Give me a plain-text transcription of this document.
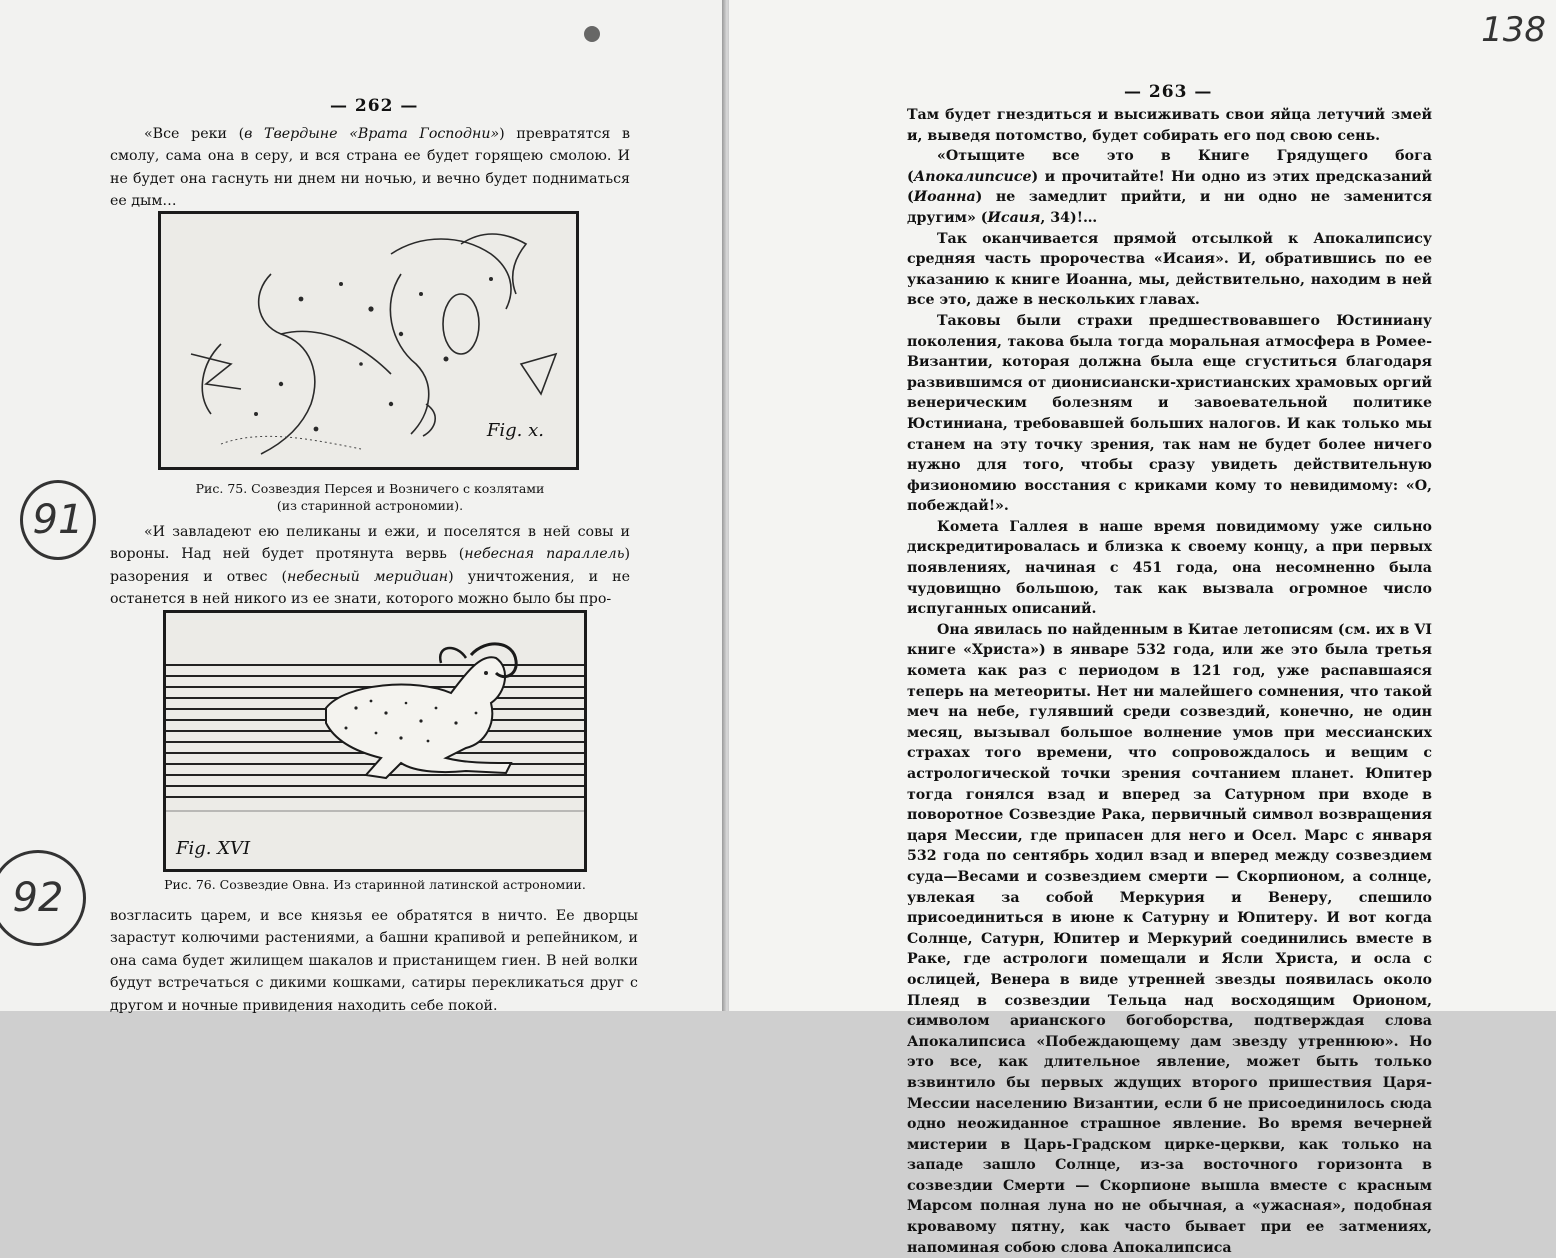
— 262 —

«Все реки (в Твердыне «Врата Господни») превратятся в смолу, сама она в серу, и вся страна ее будет горящею смолою. И не будет она гаснуть ни днем ни ночью, и вечно будет подниматься ее дым…

Fig. x.
Рис. 75. Созвездия Персея и Возничего с козлятами
(из старинной астрономии).

«И завладеют ею пеликаны и ежи, и поселятся в ней совы и вороны. Над ней будет протянута вервь (небесная параллель) разорения и отвес (небесный меридиан) уничтожения, и не останется в ней никого из ее знати, которого можно было бы про-

Fig. XVI
Рис. 76. Созвездие Овна. Из старинной латинской астрономии.

возгласить царем, и все князья ее обратятся в ничто. Ее дворцы зарастут колючими растениями, а башни крапивой и репейником, и она сама будет жилищем шакалов и пристанищем гиен. В ней волки будут встречаться с дикими кошками, сатиры перекликаться друг с другом и ночные привидения находить себе покой.

91
92
138
— 263 —

Там будет гнездиться и высиживать свои яйца летучий змей и, выведя потомство, будет собирать его под свою сень.

«Отыщите все это в Книге Грядущего бога (Апокалипсисе) и прочитайте! Ни одно из этих предсказаний (Иоанна) не замедлит прийти, и ни одно не заменится другим» (Исаия, 34)!…

Так оканчивается прямой отсылкой к Апокалипсису средняя часть пророчества «Исаия». И, обратившись по ее указанию к книге Иоанна, мы, действительно, находим в ней все это, даже в нескольких главах.

Таковы были страхи предшествовавшего Юстиниану поколения, такова была тогда моральная атмосфера в Ромее-Византии, которая должна была еще сгуститься благодаря развившимся от дионисиански-христианских храмовых оргий венерическим болезням и завоевательной политике Юстиниана, требовавшей больших налогов. И как только мы станем на эту точку зрения, так нам не будет более ничего нужно для того, чтобы сразу увидеть действительную физиономию восстания с криками кому то невидимому: «О, побеждай!».

Комета Галлея в наше время повидимому уже сильно дискредитировалась и близка к своему концу, а при первых появлениях, начиная с 451 года, она несомненно была чудовищно большою, так как вызвала огромное число испуганных описаний.

Она явилась по найденным в Китае летописям (см. их в VI книге «Христа») в январе 532 года, или же это была третья комета как раз с периодом в 121 год, уже распавшаяся теперь на метеориты. Нет ни малейшего сомнения, что такой меч на небе, гулявший среди созвездий, конечно, не один месяц, вызывал большое волнение умов при мессианских страхах того времени, что сопровождалось и вещим с астрологической точки зрения сочтанием планет. Юпитер тогда гонялся взад и вперед за Сатурном при входе в поворотное Созвездие Рака, первичный символ возвращения царя Мессии, где припасен для него и Осел. Марс с января 532 года по сентябрь ходил взад и вперед между созвездием суда—Весами и созвездием смерти — Скорпионом, а солнце, увлекая за собой Меркурия и Венеру, спешило присоединиться в июне к Сатурну и Юпитеру. И вот когда Солнце, Сатурн, Юпитер и Меркурий соединились вместе в Раке, где астрологи помещали и Ясли Христа, и осла с ослицей, Венера в виде утренней звезды появилась около Плеяд в созвездии Тельца над восходящим Орионом, символом арианского богоборства, подтверждая слова Апокалипсиса «Побеждающему дам звезду утреннюю». Но это все, как длительное явление, может быть только взвинтило бы первых ждущих второго пришествия Царя-Мессии населению Византии, если б не присоединилось сюда одно неожиданное страшное явление. Во время вечерней мистерии в Царь-Градском цирке-церкви, как только на западе зашло Солнце, из-за восточного горизонта в созвездии Смерти — Скорпионе вышла вместе с красным Марсом полная луна но не обычная, а «ужасная», подобная кровавому пятну, как часто бывает при ее затмениях, напоминая собою слова Апокалипсиса
